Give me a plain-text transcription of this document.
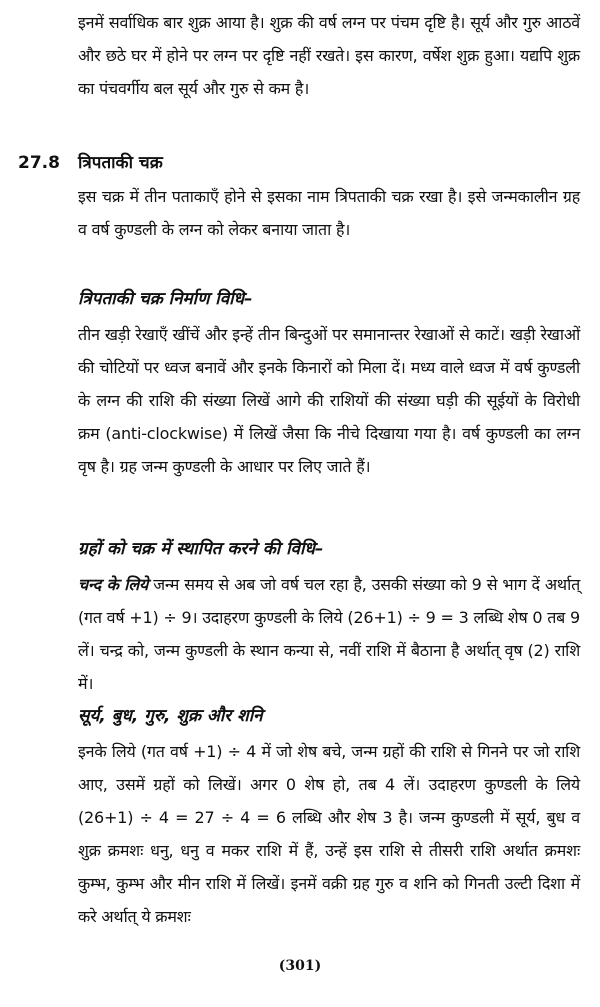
इनमें सर्वाधिक बार शुक्र आया है। शुक्र की वर्ष लग्न पर पंचम दृष्टि है। सूर्य और गुरु आठवें और छठे घर में होने पर लग्न पर दृष्टि नहीं रखते। इस कारण, वर्षेश शुक्र हुआ। यद्यपि शुक्र का पंचवर्गीय बल सूर्य और गुरु से कम है।

27.8 त्रिपताकी चक्र

इस चक्र में तीन पताकाएँ होने से इसका नाम त्रिपताकी चक्र रखा है। इसे जन्मकालीन ग्रह व वर्ष कुण्डली के लग्न को लेकर बनाया जाता है।

त्रिपताकी चक्र निर्माण विधि–

तीन खड़ी रेखाएँ खींचें और इन्हें तीन बिन्दुओं पर समानान्तर रेखाओं से काटें। खड़ी रेखाओं की चोटियों पर ध्वज बनावें और इनके किनारों को मिला दें। मध्य वाले ध्वज में वर्ष कुण्डली के लग्न की राशि की संख्या लिखें आगे की राशियों की संख्या घड़ी की सूईयों के विरोधी क्रम (anti-clockwise) में लिखें जैसा कि नीचे दिखाया गया है। वर्ष कुण्डली का लग्न वृष है। ग्रह जन्म कुण्डली के आधार पर लिए जाते हैं।

ग्रहों को चक्र में स्थापित करने की विधि–

चन्द के लिये जन्म समय से अब जो वर्ष चल रहा है, उसकी संख्या को 9 से भाग दें अर्थात् (गत वर्ष +1) ÷ 9। उदाहरण कुण्डली के लिये (26+1) ÷ 9 = 3 लब्धि शेष 0 तब 9 लें। चन्द्र को, जन्म कुण्डली के स्थान कन्या से, नवीं राशि में बैठाना है अर्थात् वृष (2) राशि में।

सूर्य, बुध, गुरु, शुक्र और शनि

इनके लिये (गत वर्ष +1) ÷ 4 में जो शेष बचे, जन्म ग्रहों की राशि से गिनने पर जो राशि आए, उसमें ग्रहों को लिखें। अगर 0 शेष हो, तब 4 लें। उदाहरण कुण्डली के लिये (26+1) ÷ 4 = 27 ÷ 4 = 6 लब्धि और शेष 3 है। जन्म कुण्डली में सूर्य, बुध व शुक्र क्रमशः धनु, धनु व मकर राशि में हैं, उन्हें इस राशि से तीसरी राशि अर्थात क्रमशः कुम्भ, कुम्भ और मीन राशि में लिखें। इनमें वक्री ग्रह गुरु व शनि को गिनती उल्टी दिशा में करे अर्थात् ये क्रमशः

(301)
